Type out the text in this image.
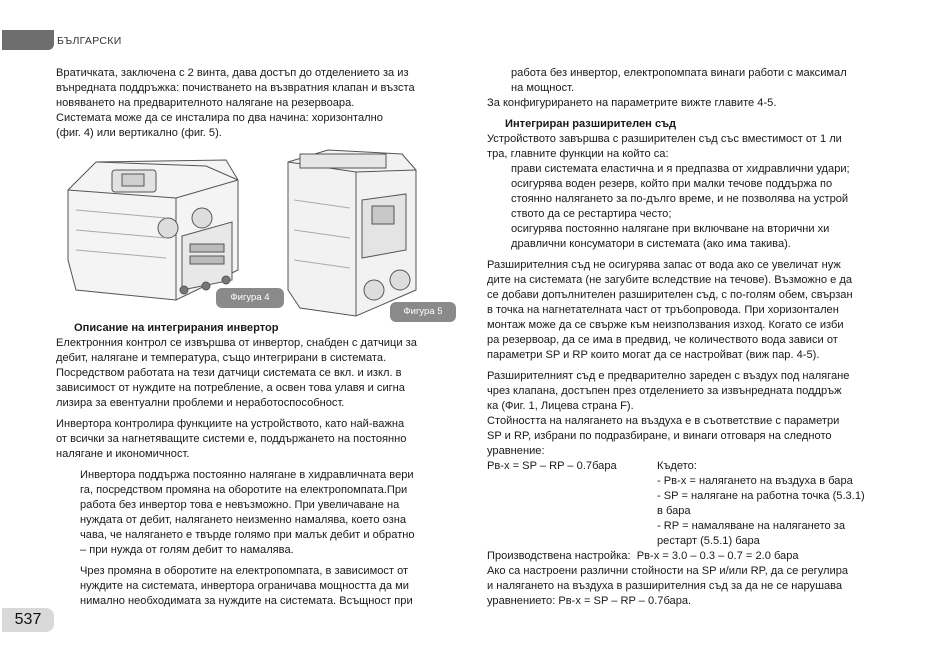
БЪЛГАРСКИ

Вратичката, заключена с 2 винта, дава достъп до отделението за из

вънредната поддръжка: почистването на възвратния клапан и възста

новяването на предварителното налягане на резервоара.

Системата може да се инсталира по два начина: хоризонтално

(фиг. 4) или вертикално (фиг. 5).

Фигура 4
Фигура 5

Описание на интегрирания инвертор

Електронния контрол се извършва от инвертор, снабден с датчици за

дебит, налягане и температура, също интегрирани в системата.

Посредством работата на тези датчици системата се вкл. и изкл. в

зависимост от нуждите на потребление, а освен това улавя и сигна

лизира за евентуални проблеми и неработоспособност.

Инвертора контролира функциите на устройството, като най-важна

от всички за нагнетяващите системи е, поддържането на постоянно

налягане и икономичност.

Инвертора поддържа постоянно налягане в хидравличната вери

га, посредством промяна на оборотите на електропомпата.При

работа без инвертор това е невъзможно. При увеличаване на

нуждата от дебит, налягането неизменно намалява, което озна

чава, че налягането е твърде голямо при малък дебит и обратно

– при нужда от голям дебит то намалява.

Чрез промяна в оборотите на електропомпата, в зависимост от

нуждите на системата, инвертора ограничава мощността да ми

нимално необходимата за нуждите на системата. Всъщност при

537

работа без инвертор, електропомпата винаги работи с максимал

на мощност.

За конфигурирането на параметрите вижте главите 4-5.

Интегриран разширителен съд

Устройството завършва с разширителен съд със вместимост от 1 ли

тра, главните функции на който са:

прави системата еластична и я предпазва от хидравлични удари;

осигурява воден резерв, който при малки течове поддържа по

стоянно налягането за по-дълго време, и не позволява на устрой

ството да се рестартира често;

осигурява постоянно налягане при включване на вторични хи

дравлични консуматори в системата (ако има такива).

Разширителния съд не осигурява запас от вода ако се увеличат нуж

дите на системата (не загубите вследствие на течове). Възможно е да

се добави допълнителен разширителен съд, с по-голям обем, свързан

в точка на нагнетателната част от тръбопровода. При хоризонтален

монтаж може да се свърже към неизползвания изход. Когато се изби

ра резервоар, да се има в предвид, че количеството вода зависи от

параметри SP и RP които могат да се настройват (виж пар. 4-5).

Разширителният съд е предварително зареден с въздух под налягане

чрез клапана, достъпен през отделението за извънредната поддръж

ка (Фиг. 1, Лицева страна F).

Стойността на налягането на въздуха е в съответствие с параметри

SP и RP, избрани по подразбиране, и винаги отговаря на следното

уравнение:

Pв-х = SP – RP – 0.7бара	Където:

- Pв-х = налягането на въздуха в бара

- SP = налягане на работна точка (5.3.1)

в бара

- RP = намаляване на налягането за

рестарт (5.5.1) бара

Производствена настройка: Pв-х = 3.0 – 0.3 – 0.7 = 2.0 бара

Ако са настроени различни стойности на SP и/или RP, да се регулира

и налягането на въздуха в разширителния съд за да не се нарушава

уравнението: Pв-х = SP – RP – 0.7бара.
